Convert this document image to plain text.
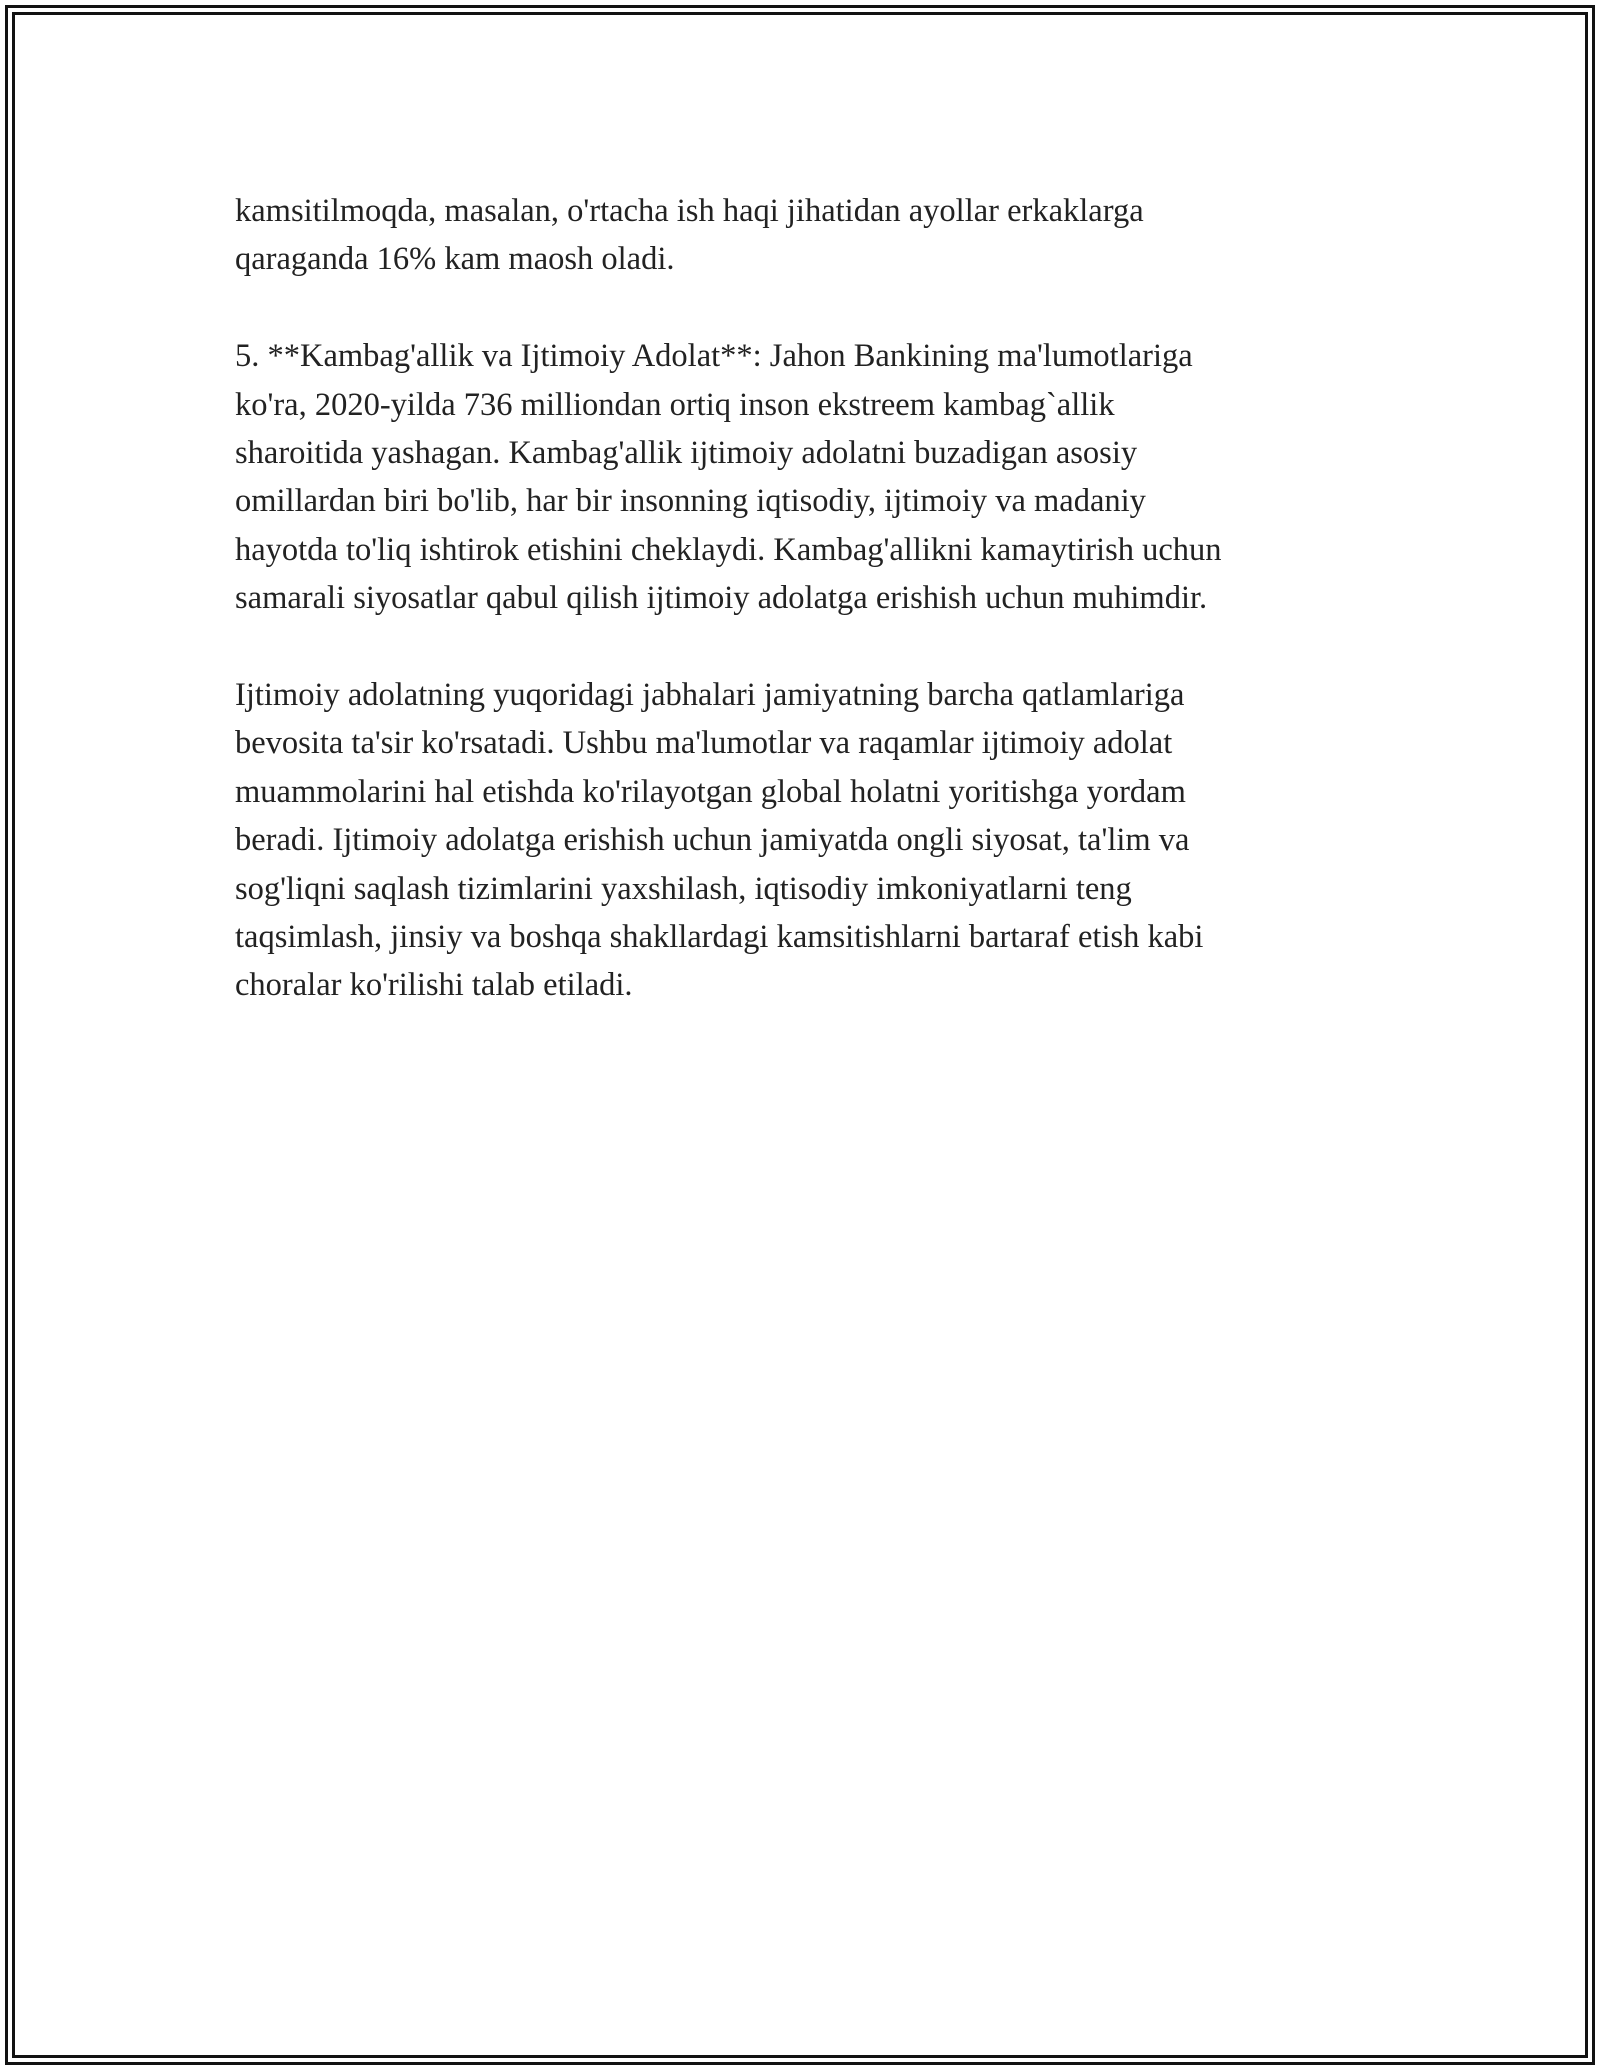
kamsitilmoqda, masalan, o'rtacha ish haqi jihatidan ayollar erkaklarga
qaraganda 16% kam maosh oladi.

5. **Kambag'allik va Ijtimoiy Adolat**: Jahon Bankining ma'lumotlariga
ko'ra, 2020-yilda 736 milliondan ortiq inson ekstreem kambag`allik
sharoitida yashagan. Kambag'allik ijtimoiy adolatni buzadigan asosiy
omillardan biri bo'lib, har bir insonning iqtisodiy, ijtimoiy va madaniy
hayotda to'liq ishtirok etishini cheklaydi. Kambag'allikni kamaytirish uchun
samarali siyosatlar qabul qilish ijtimoiy adolatga erishish uchun muhimdir.

Ijtimoiy adolatning yuqoridagi jabhalari jamiyatning barcha qatlamlariga
bevosita ta'sir ko'rsatadi. Ushbu ma'lumotlar va raqamlar ijtimoiy adolat
muammolarini hal etishda ko'rilayotgan global holatni yoritishga yordam
beradi. Ijtimoiy adolatga erishish uchun jamiyatda ongli siyosat, ta'lim va
sog'liqni saqlash tizimlarini yaxshilash, iqtisodiy imkoniyatlarni teng
taqsimlash, jinsiy va boshqa shakllardagi kamsitishlarni bartaraf etish kabi
choralar ko'rilishi talab etiladi.
